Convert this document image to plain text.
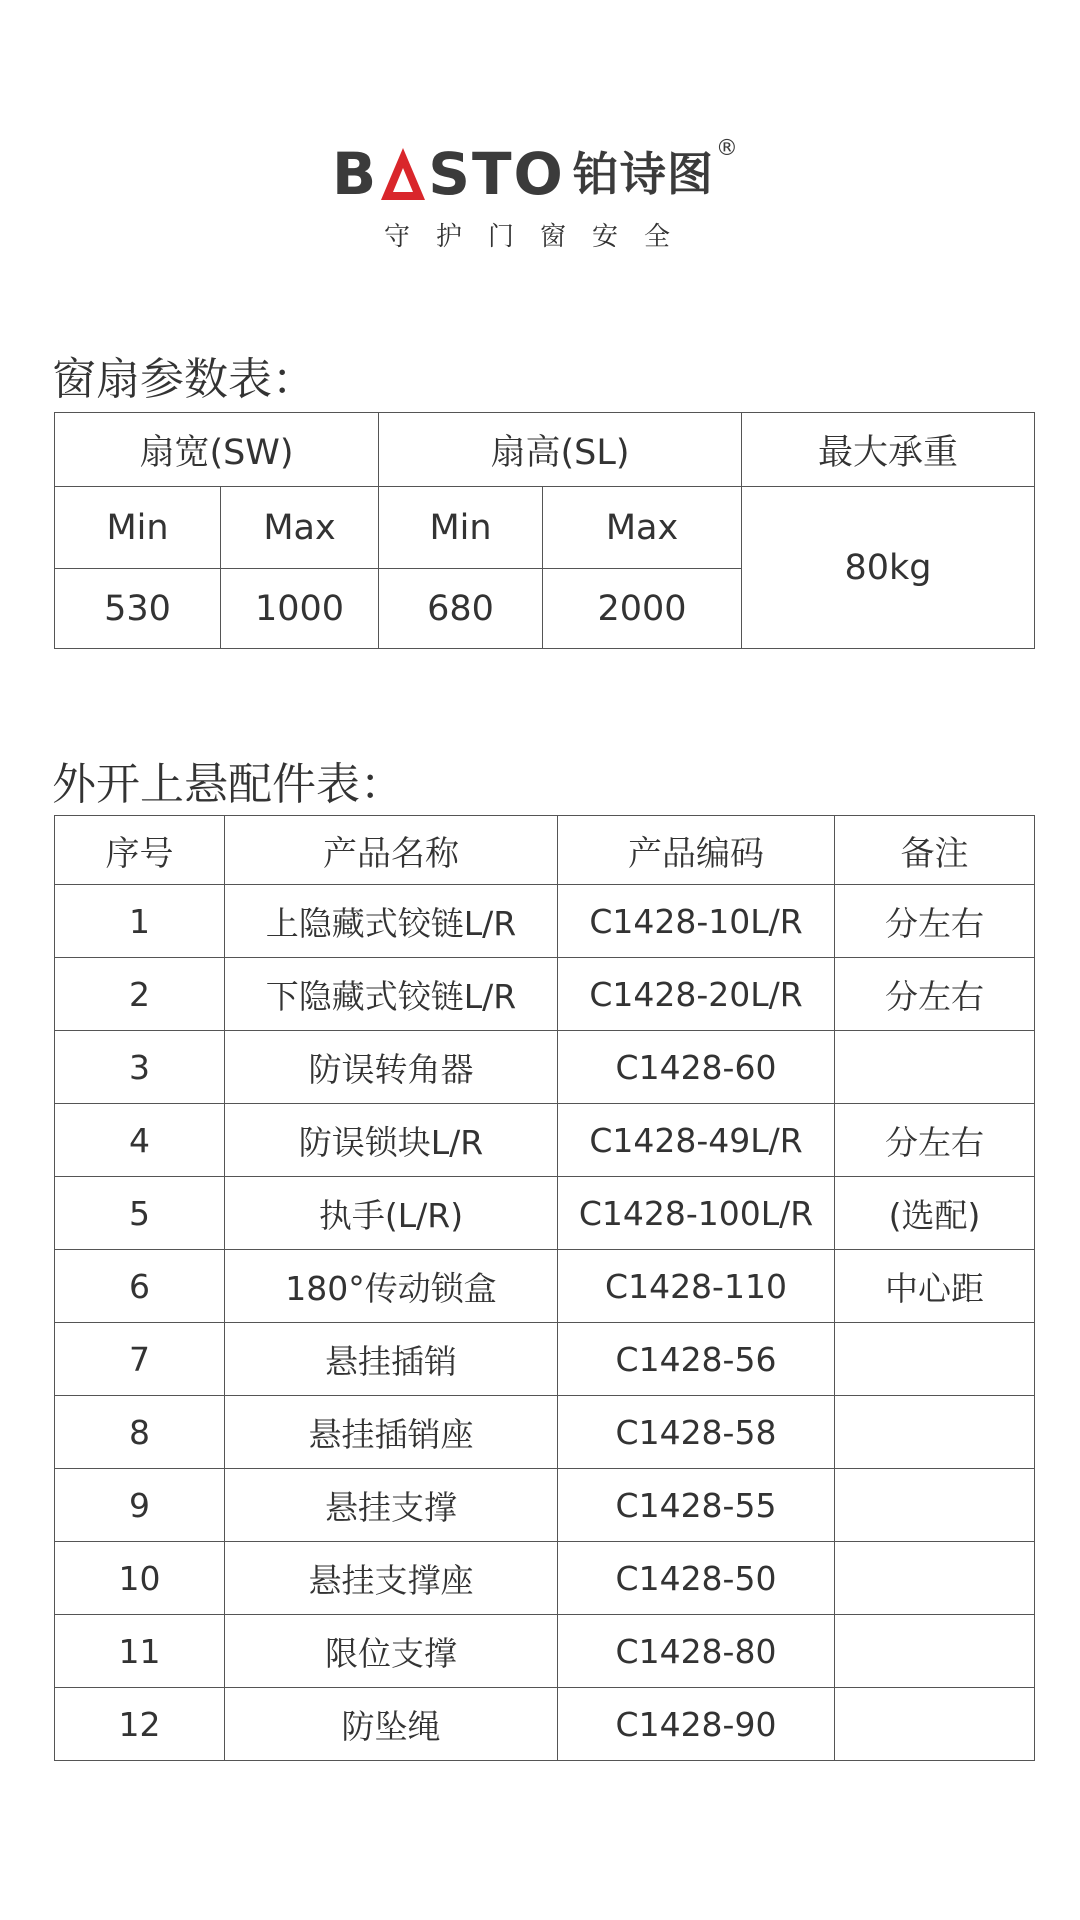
B STO 铂诗图 ®
守护门窗安全
窗扇参数表：
扇宽(SW)		扇高(SL)		最大承重
Min	Max	Min	Max	80kg
530	1000	680	2000	
外开上悬配件表：
序号	产品名称	产品编码	备注
1	上隐藏式铰链L/R	C1428-10L/R	分左右
2	下隐藏式铰链L/R	C1428-20L/R	分左右
3	防误转角器	C1428-60	
4	防误锁块L/R	C1428-49L/R	分左右
5	执手(L/R)	C1428-100L/R	(选配)
6	180°传动锁盒	C1428-110	中心距
7	悬挂插销	C1428-56	
8	悬挂插销座	C1428-58	
9	悬挂支撑	C1428-55	
10	悬挂支撑座	C1428-50	
11	限位支撑	C1428-80	
12	防坠绳	C1428-90	
